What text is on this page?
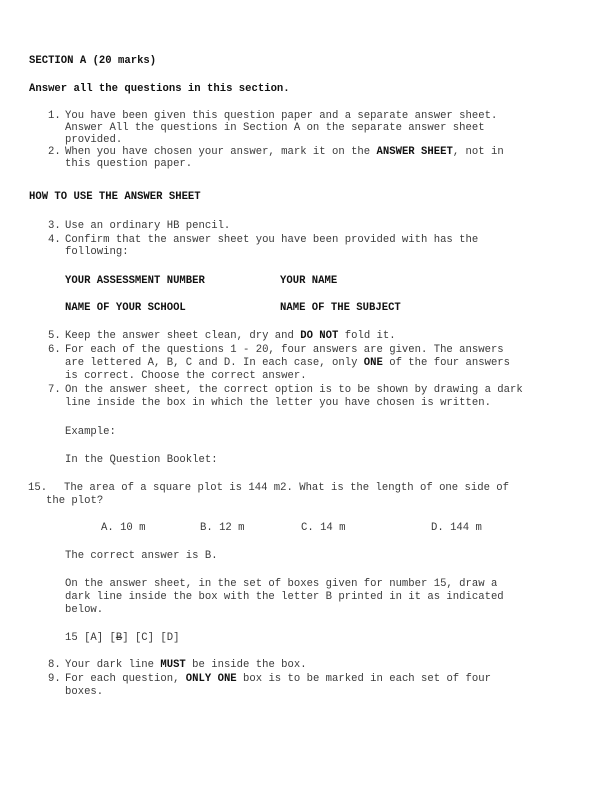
SECTION A (20 marks)
Answer all the questions in this section.
1. You have been given this question paper and a separate answer sheet.
Answer All the questions in Section A on the separate answer sheet
provided.
2. When you have chosen your answer, mark it on the ANSWER SHEET, not in
this question paper.
HOW TO USE THE ANSWER SHEET
3. Use an ordinary HB pencil.
4. Confirm that the answer sheet you have been provided with has the
following:
YOUR ASSESSMENT NUMBER	YOUR NAME
NAME OF YOUR SCHOOL	NAME OF THE SUBJECT
5. Keep the answer sheet clean, dry and DO NOT fold it.
6. For each of the questions 1 - 20, four answers are given. The answers
are lettered A, B, C and D. In each case, only ONE of the four answers
is correct. Choose the correct answer.
7. On the answer sheet, the correct option is to be shown by drawing a dark
line inside the box in which the letter you have chosen is written.
Example:
In the Question Booklet:
15. The area of a square plot is 144 m2. What is the length of one side of
the plot?
A. 10 m	B. 12 m	C. 14 m	D. 144 m
The correct answer is B.
On the answer sheet, in the set of boxes given for number 15, draw a
dark line inside the box with the letter B printed in it as indicated
below.
15 [A] [B] [C] [D]
8. Your dark line MUST be inside the box.
9. For each question, ONLY ONE box is to be marked in each set of four
boxes.
